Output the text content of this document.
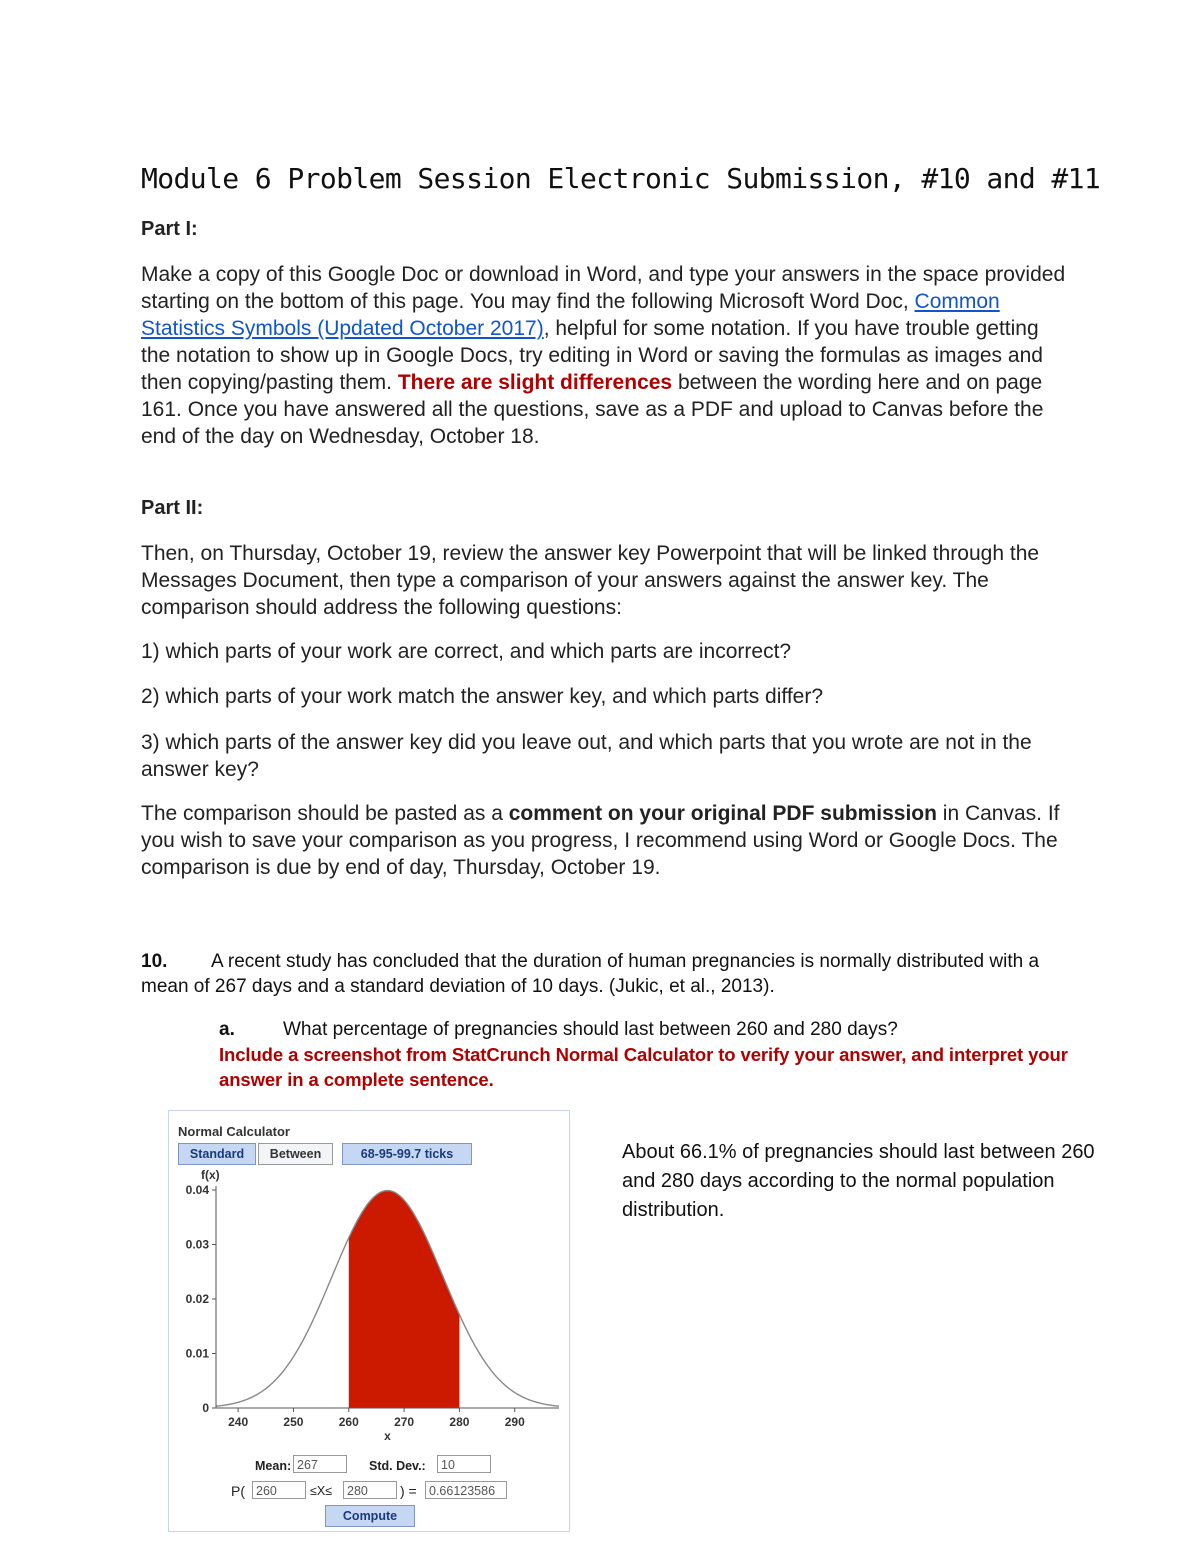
Module 6 Problem Session Electronic Submission, #10 and #11
Part I:
Make a copy of this Google Doc or download in Word, and type your answers in the space provided starting on the bottom of this page. You may find the following Microsoft Word Doc, Common Statistics Symbols (Updated October 2017), helpful for some notation. If you have trouble getting the notation to show up in Google Docs, try editing in Word or saving the formulas as images and then copying/pasting them. There are slight differences between the wording here and on page 161. Once you have answered all the questions, save as a PDF and upload to Canvas before the end of the day on Wednesday, October 18.
Part II:
Then, on Thursday, October 19, review the answer key Powerpoint that will be linked through the Messages Document, then type a comparison of your answers against the answer key. The comparison should address the following questions:
1) which parts of your work are correct, and which parts are incorrect?
2) which parts of your work match the answer key, and which parts differ?
3) which parts of the answer key did you leave out, and which parts that you wrote are not in the answer key?
The comparison should be pasted as a comment on your original PDF submission in Canvas. If you wish to save your comparison as you progress, I recommend using Word or Google Docs. The comparison is due by end of day, Thursday, October 19.
10.	A recent study has concluded that the duration of human pregnancies is normally distributed with a mean of 267 days and a standard deviation of 10 days. (Jukic, et al., 2013).
a.	What percentage of pregnancies should last between 260 and 280 days?
Include a screenshot from StatCrunch Normal Calculator to verify your answer, and interpret your answer in a complete sentence.
Normal Calculator
Standard	Between	68-95-99.7 ticks
f(x)
0
0.01
0.02
0.03
0.04
240	250	260	270	280	290
x
Mean: 267	Std. Dev.:	10
P( 260	≤X≤	280	) = 0.66123586
Compute
About 66.1% of pregnancies should last between 260 and 280 days according to the normal population distribution.
